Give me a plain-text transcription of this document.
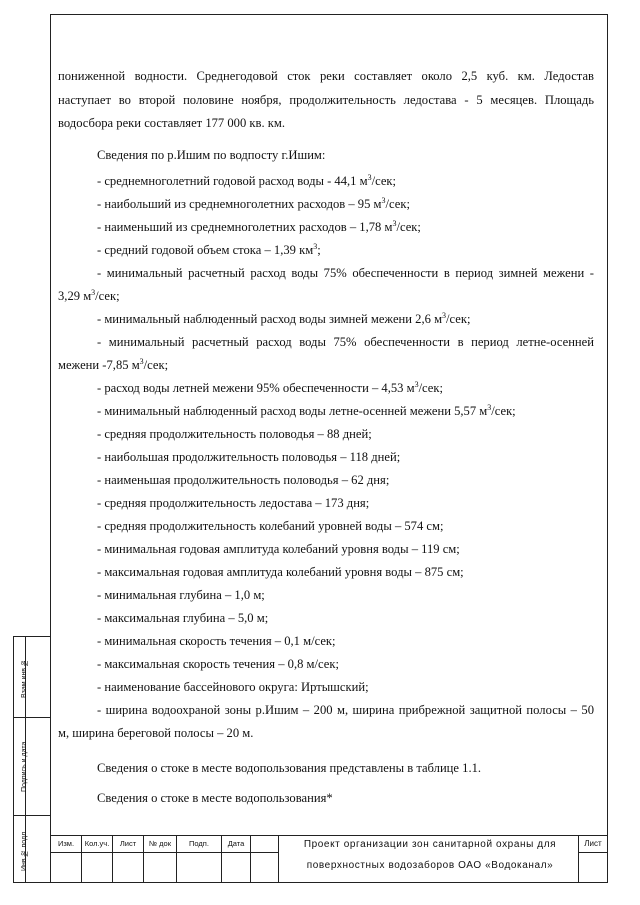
Взам.инв.№
Подпись и дата
Инв.№ подл.
пониженной водности. Среднегодовой сток реки составляет около 2,5 куб. км. Ледостав
наступает во второй половине ноября, продолжительность ледостава - 5 месяцев. Площадь
водосбора реки составляет 177 000 кв. км.
Сведения по р.Ишим по водпосту г.Ишим:
- среднемноголетний годовой расход воды - 44,1 $м^3$/сек;
- наибольший из среднемноголетних расходов – 95 $м^3$/сек;
- наименьший из среднемноголетних расходов – 1,78 $м^3$/сек;
- средний годовой объем стока – 1,39 $км^3$;
- минимальный расчетный расход воды 75% обеспеченности в период зимней межени -
3,29 $м^3$/сек;
- минимальный наблюденный расход воды зимней межени 2,6 $м^3$/сек;
- минимальный расчетный расход воды 75% обеспеченности в период летне-осенней
межени -7,85 $м^3$/сек;
- расход воды летней межени 95% обеспеченности – 4,53 $м^3$/сек;
- минимальный наблюденный расход воды летне-осенней межени 5,57 $м^3$/сек;
- средняя продолжительность половодья – 88 дней;
- наибольшая продолжительность половодья – 118 дней;
- наименьшая продолжительность половодья – 62 дня;
- средняя продолжительность ледостава – 173 дня;
- средняя продолжительность колебаний уровней воды – 574 см;
- минимальная годовая амплитуда колебаний уровня воды – 119 см;
- максимальная годовая амплитуда колебаний уровня воды – 875 см;
- минимальная глубина – 1,0 м;
- максимальная глубина – 5,0 м;
- минимальная скорость течения – 0,1 м/сек;
- максимальная скорость течения – 0,8 м/сек;
- наименование бассейнового округа: Иртышский;
- ширина водоохраной зоны р.Ишим – 200 м, ширина прибрежной защитной полосы – 50
м, ширина береговой полосы – 20 м.
Сведения о стоке в месте водопользования представлены в таблице 1.1.
Сведения о стоке в месте водопользования*
Изм.	Кол.уч.	Лист	№ док	Подп.	Дата	Проект организации зон санитарной охраны для
поверхностных водозаборов ОАО «Водоканал»
Лист
